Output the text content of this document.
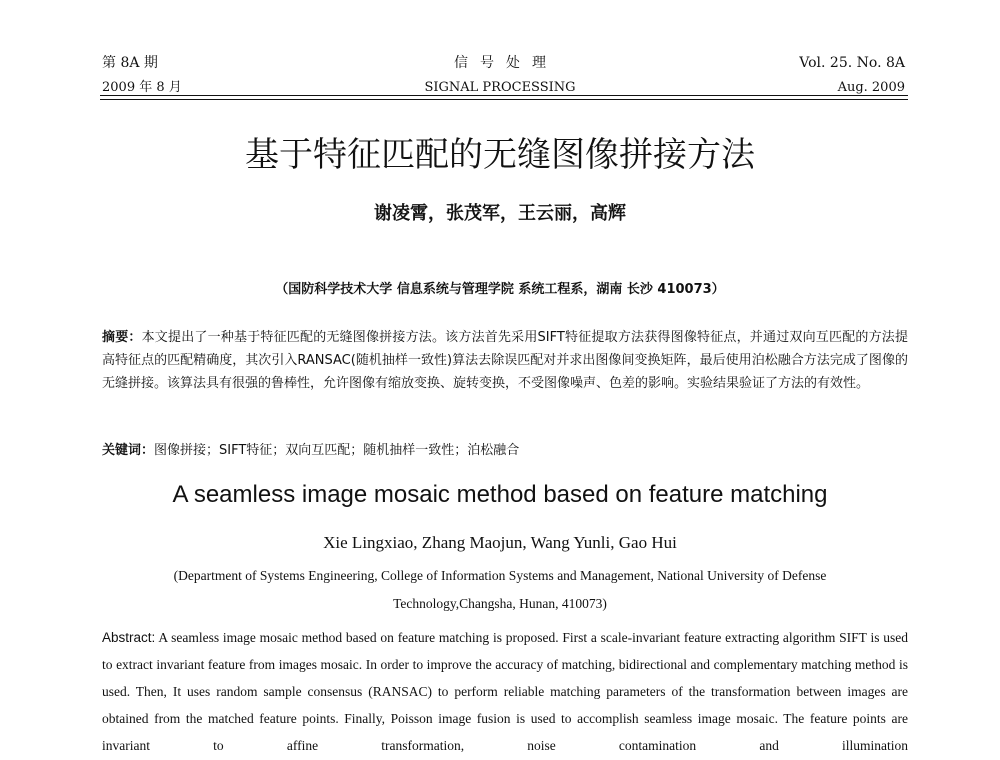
第 8A 期
2009 年 8 月
信号处理
SIGNAL PROCESSING
Vol. 25. No. 8A
Aug. 2009
基于特征匹配的无缝图像拼接方法
谢凌霄，张茂军，王云丽，高辉
（国防科学技术大学 信息系统与管理学院 系统工程系，湖南 长沙 410073）
摘要：本文提出了一种基于特征匹配的无缝图像拼接方法。该方法首先采用SIFT特征提取方法获得图像特征点，并通过双向互匹配的方法提高特征点的匹配精确度，其次引入RANSAC(随机抽样一致性)算法去除误匹配对并求出图像间变换矩阵，最后使用泊松融合方法完成了图像的无缝拼接。该算法具有很强的鲁棒性，允许图像有缩放变换、旋转变换，不受图像噪声、色差的影响。实验结果验证了方法的有效性。
关键词：图像拼接；SIFT特征；双向互匹配；随机抽样一致性；泊松融合
A seamless image mosaic method based on feature matching
Xie Lingxiao, Zhang Maojun, Wang Yunli, Gao Hui
(Department of Systems Engineering, College of Information Systems and Management, National University of Defense Technology,Changsha, Hunan, 410073)
Abstract: A seamless image mosaic method based on feature matching is proposed. First a scale-invariant feature extracting algorithm SIFT is used to extract invariant feature from images mosaic. In order to improve the accuracy of matching, bidirectional and complementary matching method is used. Then, It uses random sample consensus (RANSAC) to perform reliable matching parameters of the transformation between images are obtained from the matched feature points. Finally, Poisson image fusion is used to accomplish seamless image mosaic. The feature points are invariant to affine transformation, noise contamination and illumination
